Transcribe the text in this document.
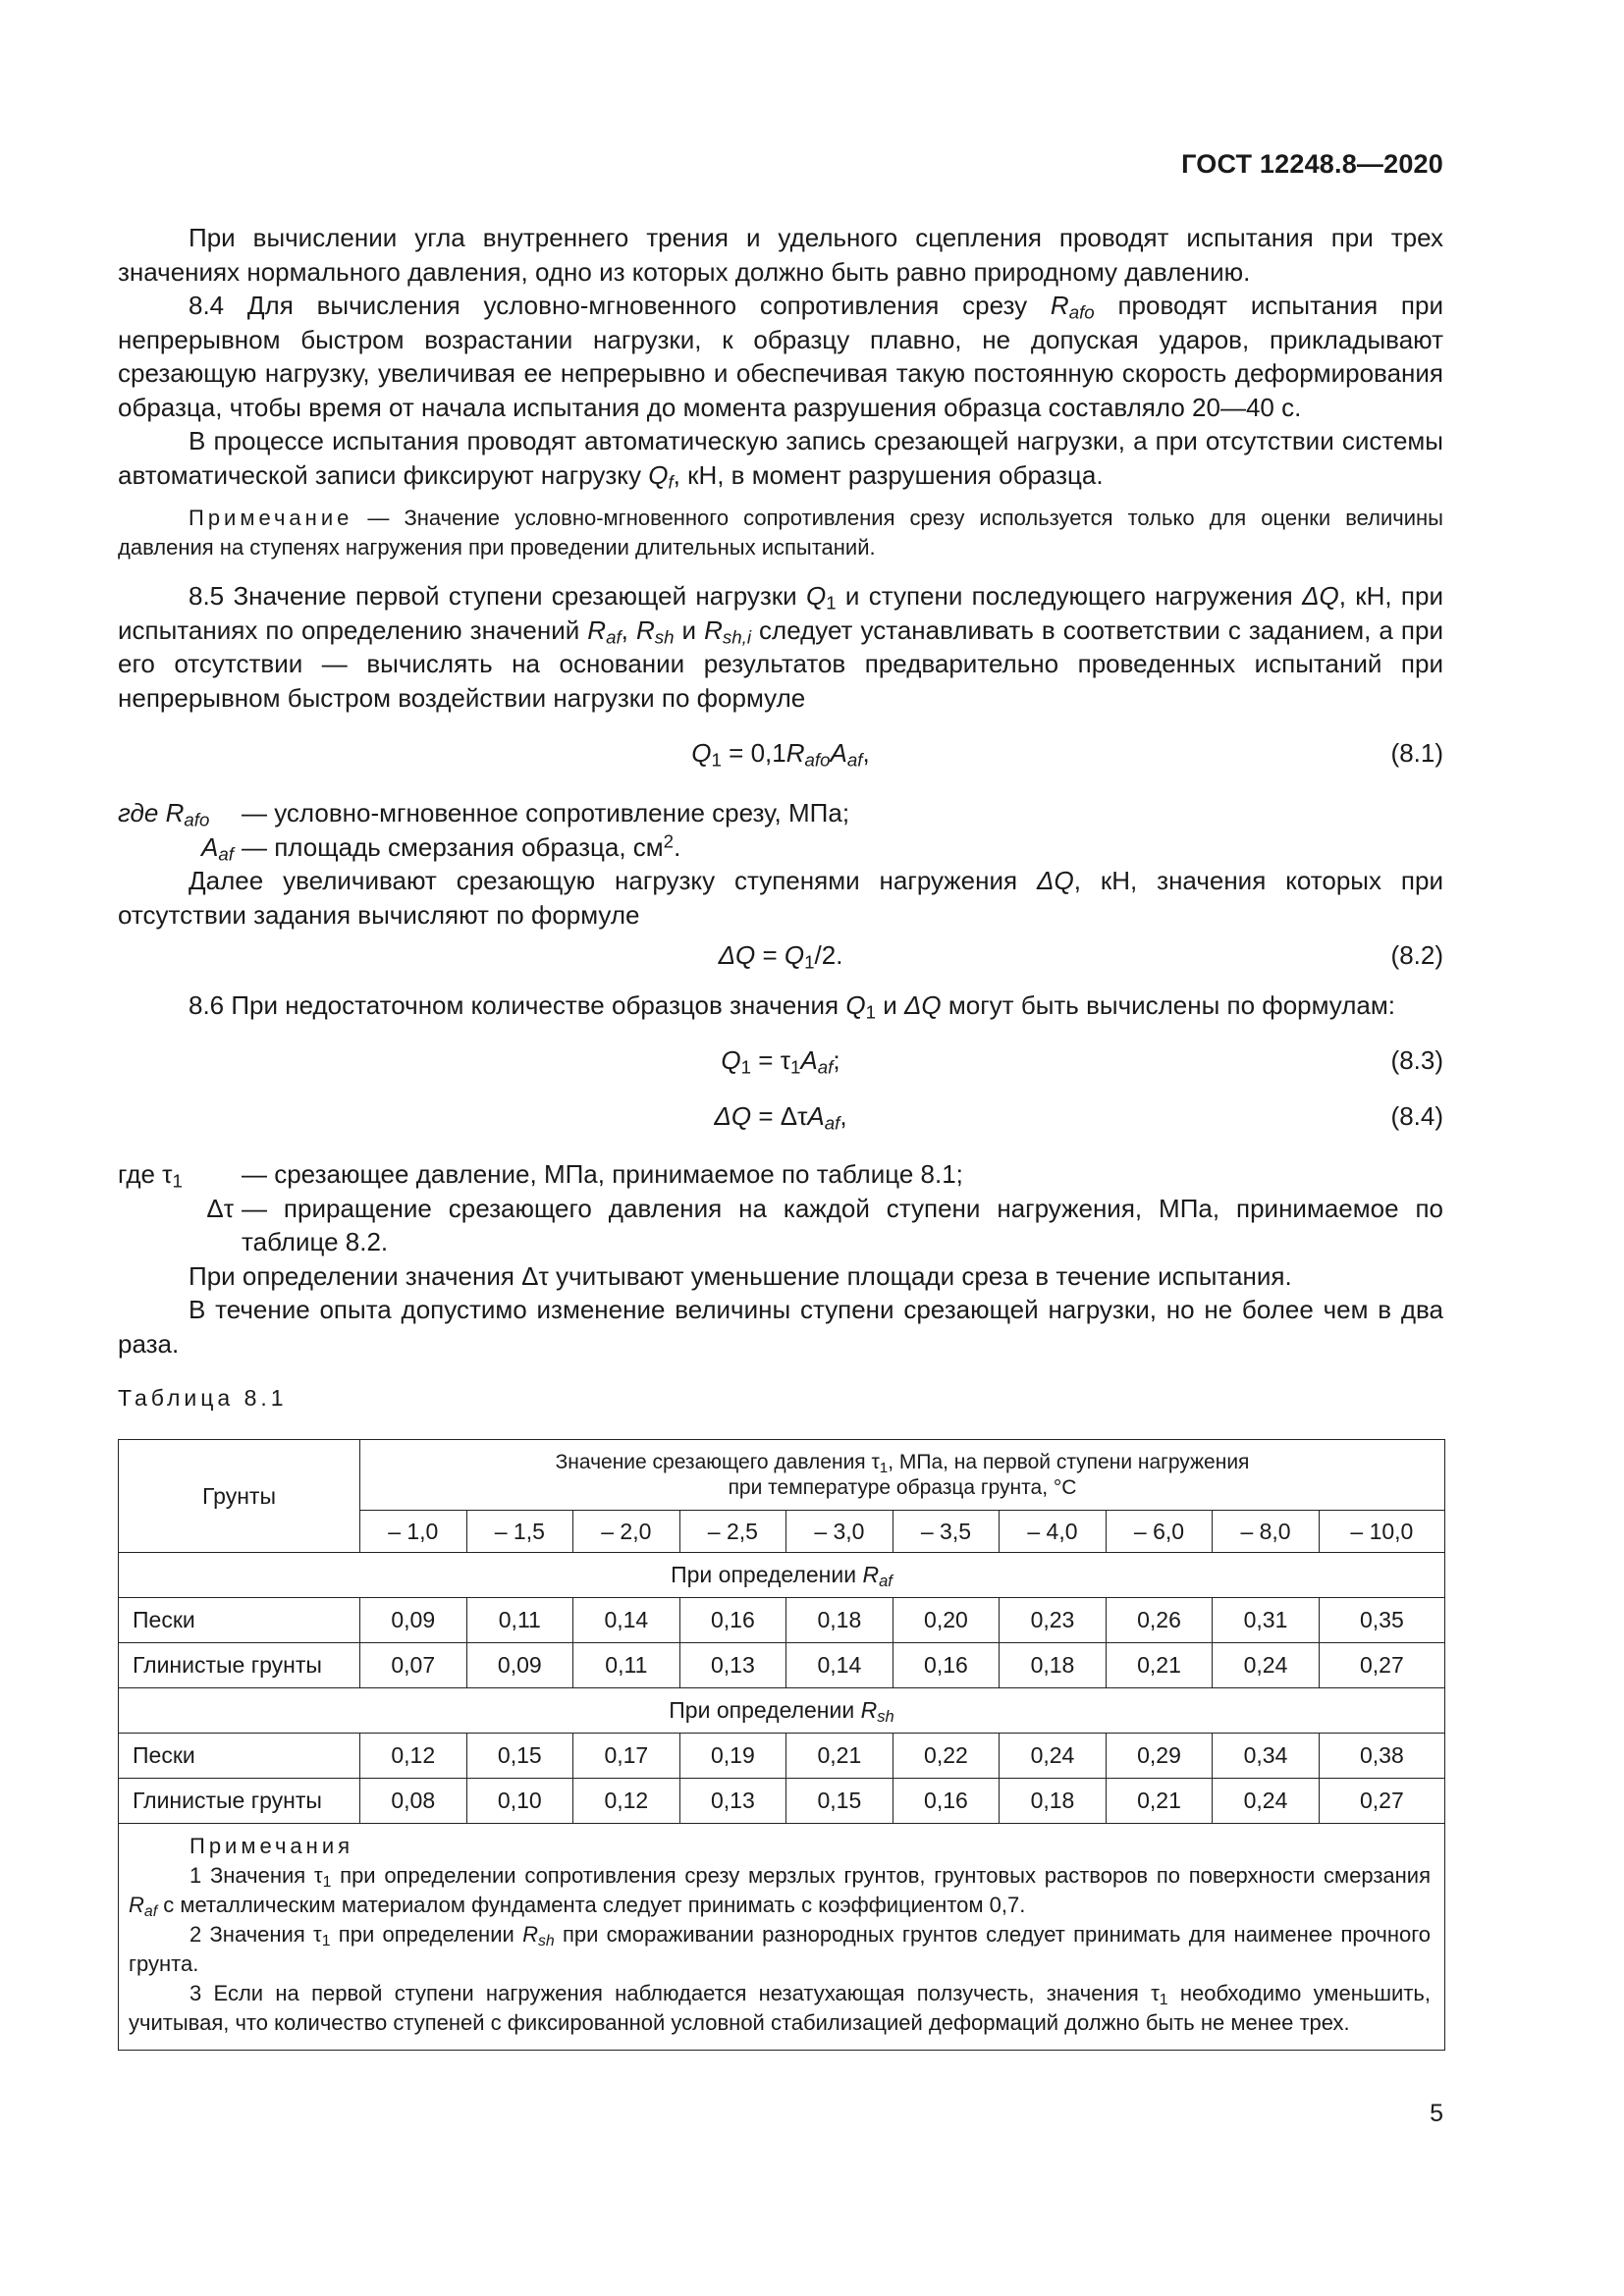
ГОСТ 12248.8—2020
При вычислении угла внутреннего трения и удельного сцепления проводят испытания при трех значениях нормального давления, одно из которых должно быть равно природному давлению.
8.4 Для вычисления условно-мгновенного сопротивления срезу $R_{afo}$ проводят испытания при непрерывном быстром возрастании нагрузки, к образцу плавно, не допуская ударов, прикладывают срезающую нагрузку, увеличивая ее непрерывно и обеспечивая такую постоянную скорость деформирования образца, чтобы время от начала испытания до момента разрушения образца составляло 20—40 с.
В процессе испытания проводят автоматическую запись срезающей нагрузки, а при отсутствии системы автоматической записи фиксируют нагрузку $Q_f$, кН, в момент разрушения образца.
Примечание — Значение условно-мгновенного сопротивления срезу используется только для оценки величины давления на ступенях нагружения при проведении длительных испытаний.
8.5 Значение первой ступени срезающей нагрузки $Q_1$ и ступени последующего нагружения ΔQ, кН, при испытаниях по определению значений $R_{af}$, $R_{sh}$ и $R_{sh,i}$ следует устанавливать в соответствии с заданием, а при его отсутствии — вычислять на основании результатов предварительно проведенных испытаний при непрерывном быстром воздействии нагрузки по формуле
$Q_1 = 0,1R_{afo}A_{af}$,	(8.1)
где $R_{afo}$	— условно-мгновенное сопротивление срезу, МПа;
$A_{af}$ — площадь смерзания образца, $см^2$.
Далее увеличивают срезающую нагрузку ступенями нагружения ΔQ, кН, значения которых при отсутствии задания вычисляют по формуле
$\Delta Q = Q_1/2$.	(8.2)
8.6 При недостаточном количестве образцов значения $Q_1$ и ΔQ могут быть вычислены по формулам:
$Q_1 = \tau_1A_{af}$;	(8.3)
ΔQ = ΔτA$_{af}$,	(8.4)
где $\tau_1$	— срезающее давление, МПа, принимаемое по таблице 8.1;
Δτ — приращение срезающего давления на каждой ступени нагружения, МПа, принимаемое по таблице 8.2.
При определении значения Δτ учитывают уменьшение площади среза в течение испытания.
В течение опыта допустимо изменение величины ступени срезающей нагрузки, но не более чем в два раза.
Таблица 8.1
Грунты	Значение срезающего давления $\tau_1$, МПа, на первой ступени нагружения
при температуре образца грунта, °C									
	– 1,0	– 1,5	– 2,0	– 2,5	– 3,0	– 3,5	– 4,0	– 6,0	– 8,0	– 10,0
При определении $R_{af}$
Пески	0,09	0,11	0,14	0,16	0,18	0,20	0,23	0,26	0,31	0,35
Глинистые грунты	0,07	0,09	0,11	0,13	0,14	0,16	0,18	0,21	0,24	0,27
При определении $R_{sh}$
Пески	0,12	0,15	0,17	0,19	0,21	0,22	0,24	0,29	0,34	0,38
Глинистые грунты	0,08	0,10	0,12	0,13	0,15	0,16	0,18	0,21	0,24	0,27

Примечания

1 Значения $\tau_1$ при определении сопротивления срезу мерзлых грунтов, грунтовых растворов по поверхности смерзания $R_{af}$ с металлическим материалом фундамента следует принимать с коэффициентом 0,7.

2 Значения $\tau_1$ при определении $R_{sh}$ при смораживании разнородных грунтов следует принимать для наименее прочного грунта.

3 Если на первой ступени нагружения наблюдается незатухающая ползучесть, значения $\tau_1$ необходимо уменьшить, учитывая, что количество ступеней с фиксированной условной стабилизацией деформаций должно быть не менее трех.										

5
